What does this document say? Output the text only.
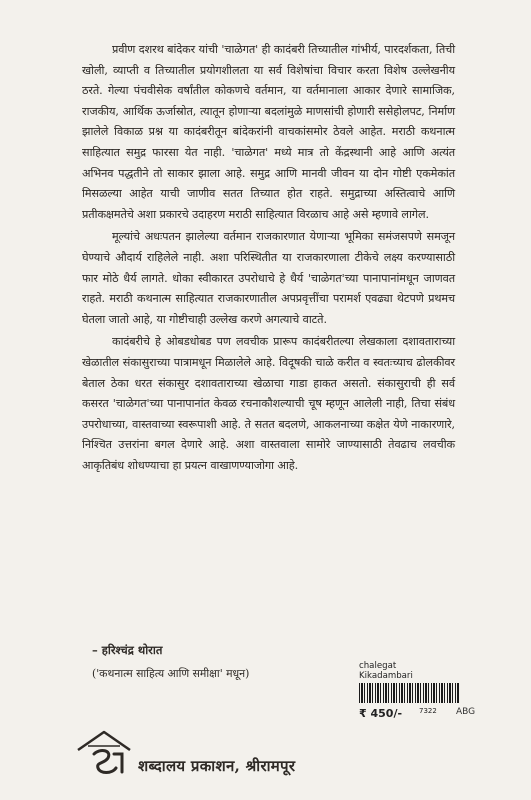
प्रवीण दशरथ बांदेकर यांची 'चाळेगत' ही कादंबरी तिच्यातील गांभीर्य, पारदर्शकता, तिची खोली, व्याप्ती व तिच्यातील प्रयोगशीलता या सर्व विशेषांचा विचार करता विशेष उल्लेखनीय ठरते. गेल्या पंचवीसेक वर्षांतील कोकणचे वर्तमान, या वर्तमानाला आकार देणारे सामाजिक, राजकीय, आर्थिक ऊर्जास्रोत, त्यातून होणाऱ्या बदलांमुळे माणसांची होणारी ससेहोलपट, निर्माण झालेले विकाळ प्रश्न या कादंबरीतून बांदेकरांनी वाचकांसमोर ठेवले आहेत. मराठी कथनात्म साहित्यात समुद्र फारसा येत नाही. 'चाळेगत' मध्ये मात्र तो केंद्रस्थानी आहे आणि अत्यंत अभिनव पद्धतीने तो साकार झाला आहे. समुद्र आणि मानवी जीवन या दोन गोष्टी एकमेकांत मिसळल्या आहेत याची जाणीव सतत तिच्यात होत राहते. समुद्राच्या अस्तित्वाचे आणि प्रतीकक्षमतेचे अशा प्रकारचे उदाहरण मराठी साहित्यात विरळाच आहे असे म्हणावे लागेल.

मूल्यांचे अधःपतन झालेल्या वर्तमान राजकारणात येणाऱ्या भूमिका समंजसपणे समजून घेण्याचे औदार्य राहिलेले नाही. अशा परिस्थितीत या राजकारणाला टीकेचे लक्ष्य करण्यासाठी फार मोठे धैर्य लागते. धोका स्वीकारत उपरोधाचे हे धैर्य 'चाळेगत'च्या पानापानांमधून जाणवत राहते. मराठी कथनात्म साहित्यात राजकारणातील अपप्रवृत्तींचा परामर्श एवढ्या थेटपणे प्रथमच घेतला जातो आहे, या गोष्टीचाही उल्लेख करणे अगत्याचे वाटते.

कादंबरीचे हे ओबडधोबड पण लवचीक प्रारूप कादंबरीतल्या लेखकाला दशावताराच्या खेळातील संकासुराच्या पात्रामधून मिळालेले आहे. विदूषकी चाळे करीत व स्वतःच्याच ढोलकीवर बेताल ठेका धरत संकासुर दशावताराच्या खेळाचा गाडा हाकत असतो. संकासुराची ही सर्व कसरत 'चाळेगत'च्या पानापानांत केवळ रचनाकौशल्याची चूष म्हणून आलेली नाही, तिचा संबंध उपरोधाच्या, वास्तवाच्या स्वरूपाशी आहे. ते सतत बदलणे, आकलनाच्या कक्षेत येणे नाकारणारे, निश्चित उत्तरांना बगल देणारे आहे. अशा वास्तवाला सामोरे जाण्यासाठी तेवढाच लवचीक आकृतिबंध शोधण्याचा हा प्रयत्न वाखाणण्याजोगा आहे.

– हरिश्चंद्र थोरात
('कथनात्म साहित्य आणि समीक्षा' मधून)
chalegat
Kikadambari
₹ 450/- 7322 ABG
शब्दालय प्रकाशन, श्रीरामपूर
